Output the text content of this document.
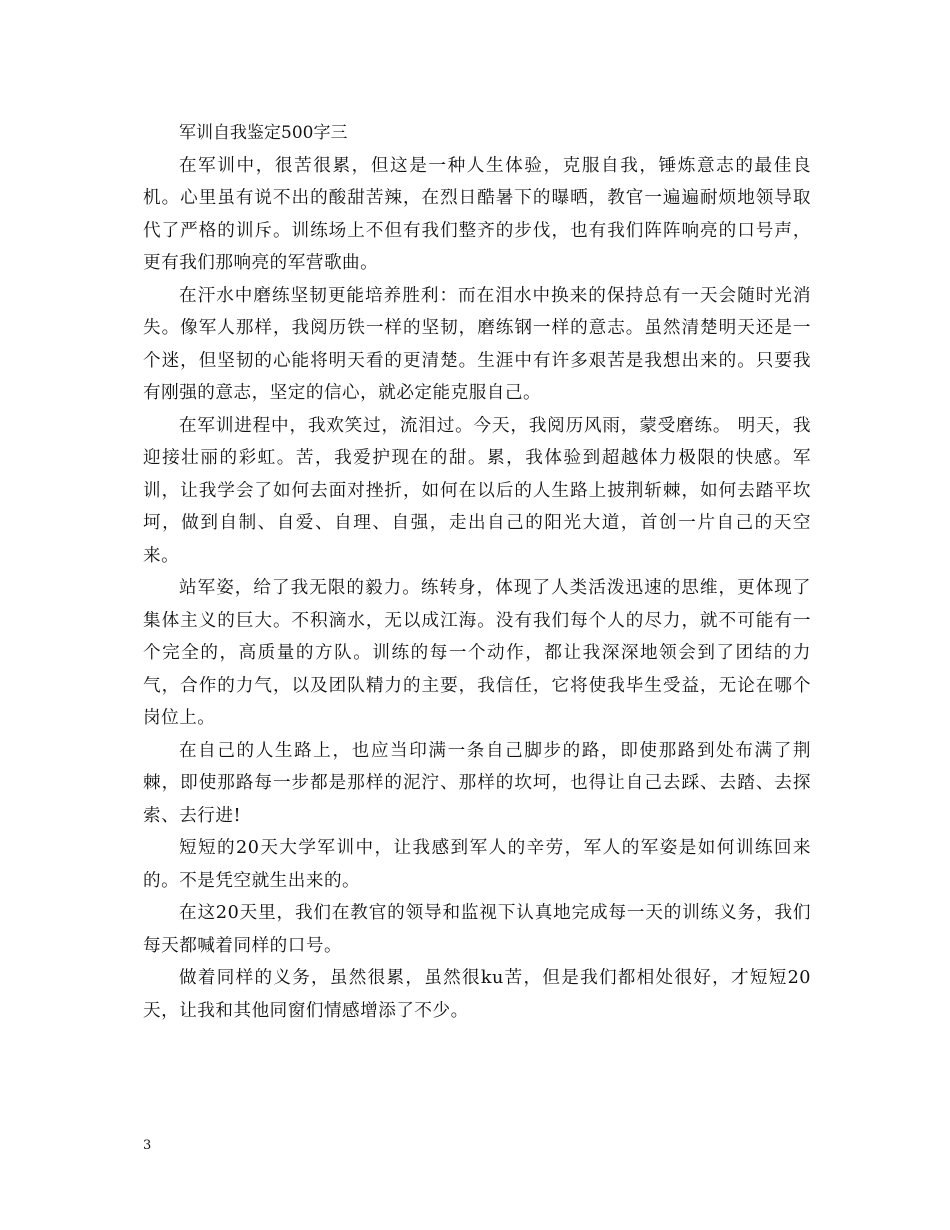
军训自我鉴定500字三

在军训中，很苦很累，但这是一种人生体验，克服自我，锤炼意志的最佳良机。心里虽有说不出的酸甜苦辣，在烈日酷暑下的曝晒，教官一遍遍耐烦地领导取代了严格的训斥。训练场上不但有我们整齐的步伐，也有我们阵阵响亮的口号声，更有我们那响亮的军营歌曲。

在汗水中磨练坚韧更能培养胜利：而在泪水中换来的保持总有一天会随时光消失。像军人那样，我阅历铁一样的坚韧，磨练钢一样的意志。虽然清楚明天还是一个迷，但坚韧的心能将明天看的更清楚。生涯中有许多艰苦是我想出来的。只要我有刚强的意志，坚定的信心，就必定能克服自己。

在军训进程中，我欢笑过，流泪过。今天，我阅历风雨，蒙受磨练。 明天，我迎接壮丽的彩虹。苦，我爱护现在的甜。累，我体验到超越体力极限的快感。军训，让我学会了如何去面对挫折，如何在以后的人生路上披荆斩棘，如何去踏平坎坷，做到自制、自爱、自理、自强，走出自己的阳光大道，首创一片自己的天空来。

站军姿，给了我无限的毅力。练转身，体现了人类活泼迅速的思维，更体现了集体主义的巨大。不积滴水，无以成江海。没有我们每个人的尽力，就不可能有一个完全的，高质量的方队。训练的每一个动作，都让我深深地领会到了团结的力气，合作的力气，以及团队精力的主要，我信任，它将使我毕生受益，无论在哪个岗位上。

在自己的人生路上，也应当印满一条自己脚步的路，即使那路到处布满了荆棘，即使那路每一步都是那样的泥泞、那样的坎坷，也得让自己去踩、去踏、去探索、去行进!

短短的20天大学军训中，让我感到军人的辛劳，军人的军姿是如何训练回来的。不是凭空就生出来的。

在这20天里，我们在教官的领导和监视下认真地完成每一天的训练义务，我们每天都喊着同样的口号。

做着同样的义务，虽然很累，虽然很ku苦，但是我们都相处很好，才短短20天，让我和其他同窗们情感增添了不少。

3
